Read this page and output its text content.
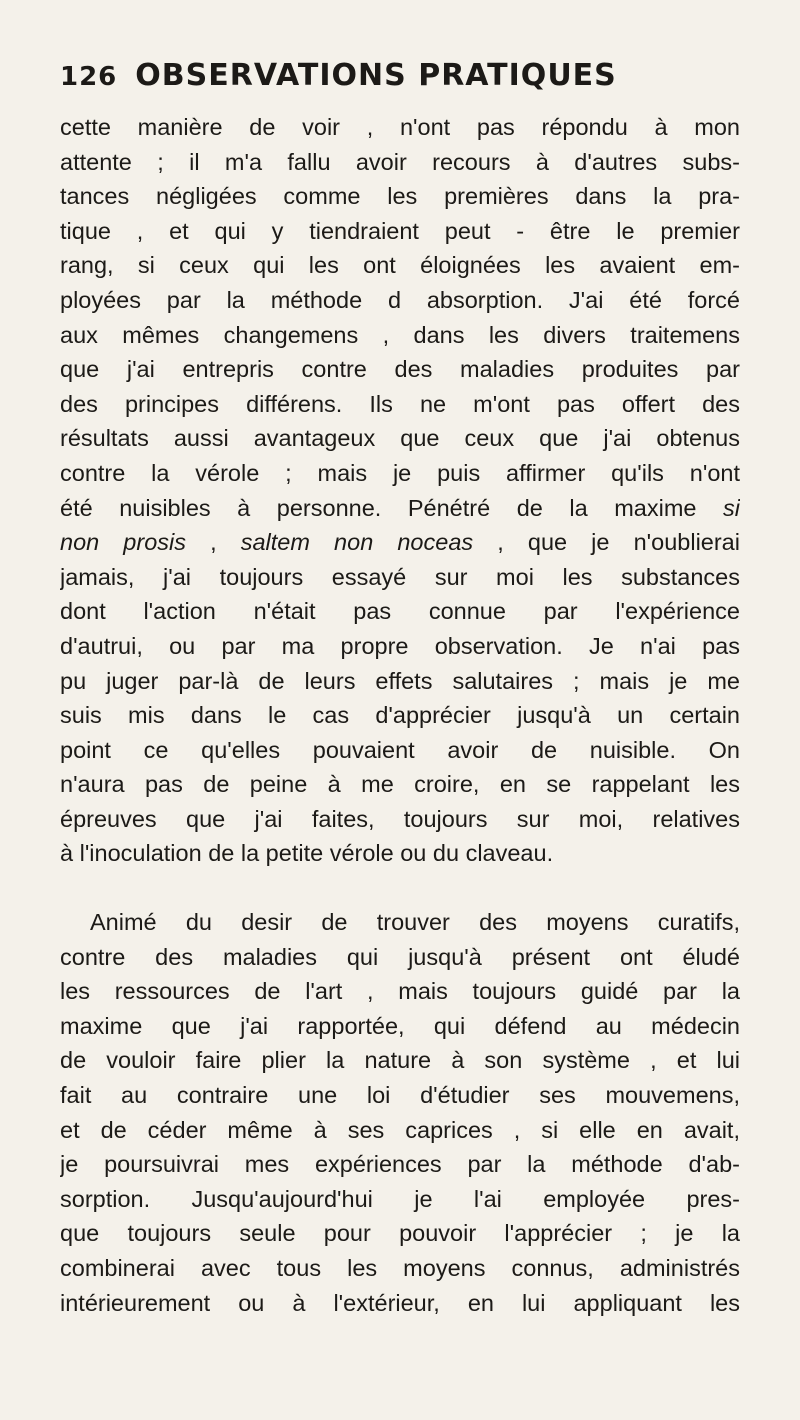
126 OBSERVATIONS PRATIQUES

cette manière de voir , n'ont pas répondu à mon
attente ; il m'a fallu avoir recours à d'autres subs-
tances négligées comme les premières dans la pra-
tique , et qui y tiendraient peut - être le premier
rang, si ceux qui les ont éloignées les avaient em-
ployées par la méthode d absorption. J'ai été forcé
aux mêmes changemens , dans les divers traitemens
que j'ai entrepris contre des maladies produites par
des principes différens. Ils ne m'ont pas offert des
résultats aussi avantageux que ceux que j'ai obtenus
contre la vérole ; mais je puis affirmer qu'ils n'ont
été nuisibles à personne. Pénétré de la maxime si
non prosis , saltem non noceas , que je n'oublierai
jamais, j'ai toujours essayé sur moi les substances
dont l'action n'était pas connue par l'expérience
d'autrui, ou par ma propre observation. Je n'ai pas
pu juger par-là de leurs effets salutaires ; mais je me
suis mis dans le cas d'apprécier jusqu'à un certain
point ce qu'elles pouvaient avoir de nuisible. On
n'aura pas de peine à me croire, en se rappelant les
épreuves que j'ai faites, toujours sur moi, relatives
à l'inoculation de la petite vérole ou du claveau.

Animé du desir de trouver des moyens curatifs,
contre des maladies qui jusqu'à présent ont éludé
les ressources de l'art , mais toujours guidé par la
maxime que j'ai rapportée, qui défend au médecin
de vouloir faire plier la nature à son système , et lui
fait au contraire une loi d'étudier ses mouvemens,
et de céder même à ses caprices , si elle en avait,
je poursuivrai mes expériences par la méthode d'ab-
sorption. Jusqu'aujourd'hui je l'ai employée pres-
que toujours seule pour pouvoir l'apprécier ; je la
combinerai avec tous les moyens connus, administrés
intérieurement ou à l'extérieur, en lui appliquant les
